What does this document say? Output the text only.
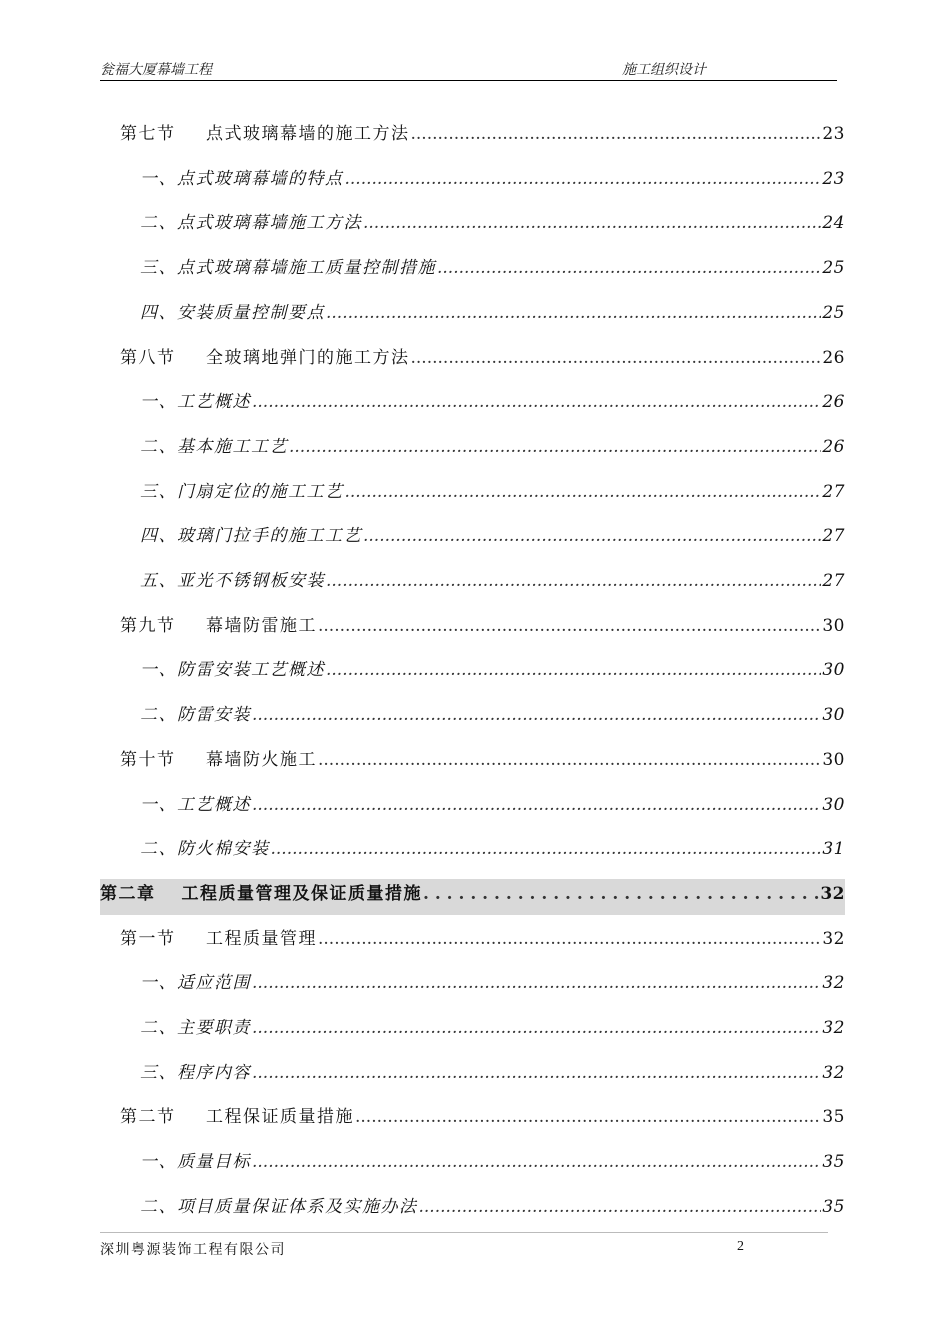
瓮福大厦幕墙工程	施工组织设计
第七节 点式玻璃幕墙的施工方法 .....	23
一、点式玻璃幕墙的特点 .....	23
二、点式玻璃幕墙施工方法 .....	24
三、点式玻璃幕墙施工质量控制措施 .....	25
四、安装质量控制要点 .....	25
第八节 全玻璃地弹门的施工方法 .....	26
一、工艺概述 .....	26
二、基本施工工艺 .....	26
三、门扇定位的施工工艺 .....	27
四、玻璃门拉手的施工工艺 .....	27
五、亚光不锈钢板安装 .....	27
第九节 幕墙防雷施工 .....	30
一、防雷安装工艺概述 .....	30
二、防雷安装 .....	30
第十节 幕墙防火施工 .....	30
一、工艺概述 .....	30
二、防火棉安装 .....	31
第二章 工程质量管理及保证质量措施 . . .	32
第一节 工程质量管理 .....	32
一、适应范围 .....	32
二、主要职责 .....	32
三、程序内容 .....	32
第二节 工程保证质量措施 .....	35
一、质量目标 .....	35
二、项目质量保证体系及实施办法 .....	35
深圳粤源装饰工程有限公司	2
